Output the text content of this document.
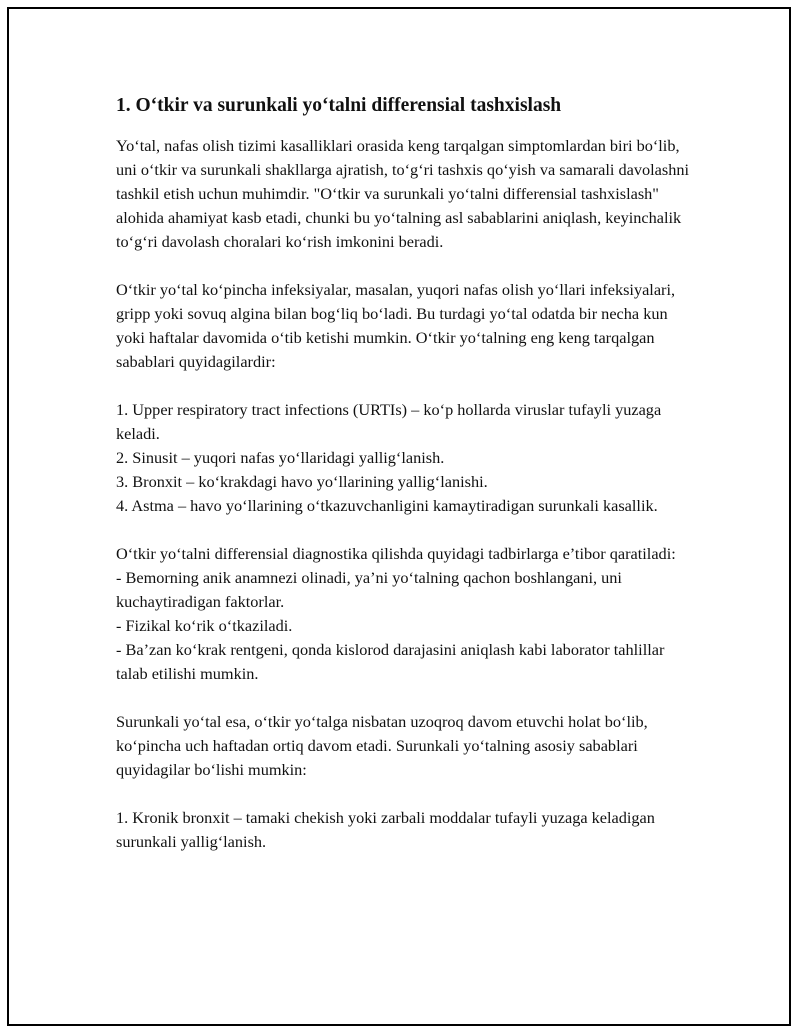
1. O‘tkir va surunkali yo‘talni differensial tashxislash

Yo‘tal, nafas olish tizimi kasalliklari orasida keng tarqalgan simptomlardan biri bo‘lib, uni o‘tkir va surunkali shakllarga ajratish, to‘g‘ri tashxis qo‘yish va samarali davolashni tashkil etish uchun muhimdir. "O‘tkir va surunkali yo‘talni differensial tashxislash" alohida ahamiyat kasb etadi, chunki bu yo‘talning asl sabablarini aniqlash, keyinchalik to‘g‘ri davolash choralari ko‘rish imkonini beradi.

O‘tkir yo‘tal ko‘pincha infeksiyalar, masalan, yuqori nafas olish yo‘llari infeksiyalari, gripp yoki sovuq algina bilan bog‘liq bo‘ladi. Bu turdagi yo‘tal odatda bir necha kun yoki haftalar davomida o‘tib ketishi mumkin. O‘tkir yo‘talning eng keng tarqalgan sabablari quyidagilardir:

1. Upper respiratory tract infections (URTIs) – ko‘p hollarda viruslar tufayli yuzaga keladi.
2. Sinusit – yuqori nafas yo‘llaridagi yallig‘lanish.
3. Bronxit – ko‘krakdagi havo yo‘llarining yallig‘lanishi.
4. Astma – havo yo‘llarining o‘tkazuvchanligini kamaytiradigan surunkali kasallik.

O‘tkir yo‘talni differensial diagnostika qilishda quyidagi tadbirlarga e’tibor qaratiladi:

- Bemorning anik anamnezi olinadi, ya’ni yo‘talning qachon boshlangani, uni kuchaytiradigan faktorlar.
- Fizikal ko‘rik o‘tkaziladi.
- Ba’zan ko‘krak rentgeni, qonda kislorod darajasini aniqlash kabi laborator tahlillar talab etilishi mumkin.

Surunkali yo‘tal esa, o‘tkir yo‘talga nisbatan uzoqroq davom etuvchi holat bo‘lib, ko‘pincha uch haftadan ortiq davom etadi. Surunkali yo‘talning asosiy sabablari quyidagilar bo‘lishi mumkin:

1. Kronik bronxit – tamaki chekish yoki zarbali moddalar tufayli yuzaga keladigan surunkali yallig‘lanish.
